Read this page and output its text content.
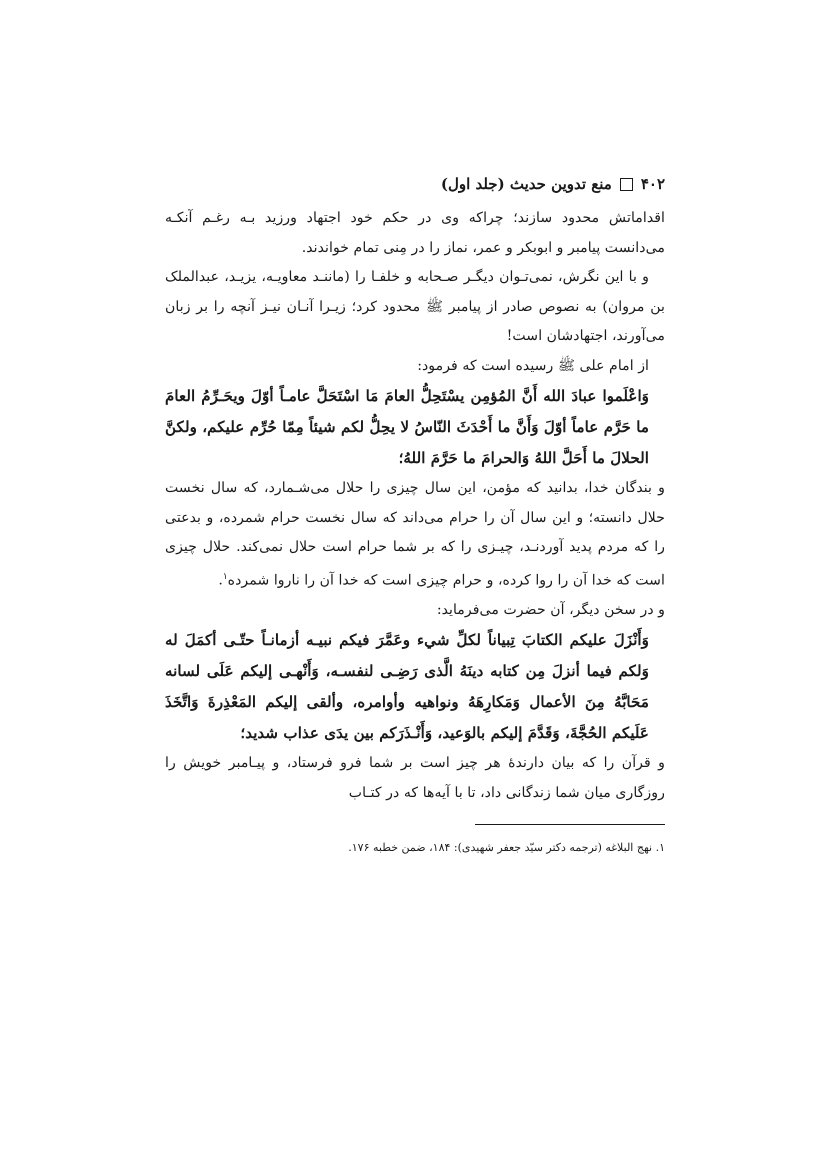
۴۰۲
منع تدوین حدیث (جلد اول)

اقداماتش محدود سازند؛ چراکه وی در حکم خود اجتهاد ورزید بـه رغـم آنکـه می‌دانست پیامبر و ابوبکر و عمر، نماز را در مِنی تمام خواندند.

و با این نگرش، نمی‌تـوان دیگـر صـحابه و خلفـا را (ماننـد معاویـه، یزیـد، عبدالملک بن مروان) به نصوص صادر از پیامبر ﷺ محدود کرد؛ زیـرا آنـان نیـز آنچه را بر زبان می‌آورند، اجتهادشان است!

از امام علی ﷺ رسیده است که فرمود:

وَاعْلَموا عبادَ الله أَنَّ المُؤمِن يسْتَحِلُّ العامَ مَا اسْتَحَلَّ عامـاً أوّلَ ويحَـرِّمُ العامَ ما حَرَّم عاماً أوّلَ وَأَنَّ ما أَحْدَثَ النّاسُ لا يحِلُّ لكم شيئاً مِمّا حُرِّم عليكم، ولكنَّ الحلالَ ما أَحَلَّ اللهُ وَالحرامَ ما حَرَّمَ اللهُ؛

و بندگان خدا، بدانید که مؤمن، این سال چیزی را حلال می‌شـمارد، که سال نخست حلال دانسته؛ و این سال آن را حرام می‌داند که سال نخست حرام شمرده، و بدعتی را که مردم پدید آوردنـد، چیـزی را که بر شما حرام است حلال نمی‌کند. حلال چیزی است که خدا آن را روا کرده، و حرام چیزی است که خدا آن را ناروا شمرده$^۱$.

و در سخن دیگر، آن حضرت می‌فرماید:

وَأَنْزَلَ عليكم الكتابَ تِبياناً لكلِّ شيء وعَمَّرَ فيكم نبيـه أزمانـاً حتّـى أكمَلَ له وَلكم فيما أنزلَ مِن كتابه دينَهُ الَّذى رَضِـى لنفسـه، وَأَنْهـى إليكم عَلَى لسانه مَحَابَّهُ مِنَ الأعمال وَمَكارِهَهُ ونواهيه وأوامره، وألقى إليكم المَعْذِرةَ وَاتَّخَذَ عَلَيكم الحُجَّةَ، وَقَدَّمَ إليكم بالوَعيد، وَأَنْـذَرَكم بين يدَى عذاب شديد؛

و قرآن را که بیان دارندۀ هر چیز است بر شما فرو فرستاد، و پیـامبر خویش را روزگاری میان شما زندگانی داد، تا با آیه‌ها که در کتـاب

۱. نهج البلاغه (ترجمه دکتر سیّد جعفر شهیدی): ۱۸۴، ضمن خطبه ۱۷۶.
